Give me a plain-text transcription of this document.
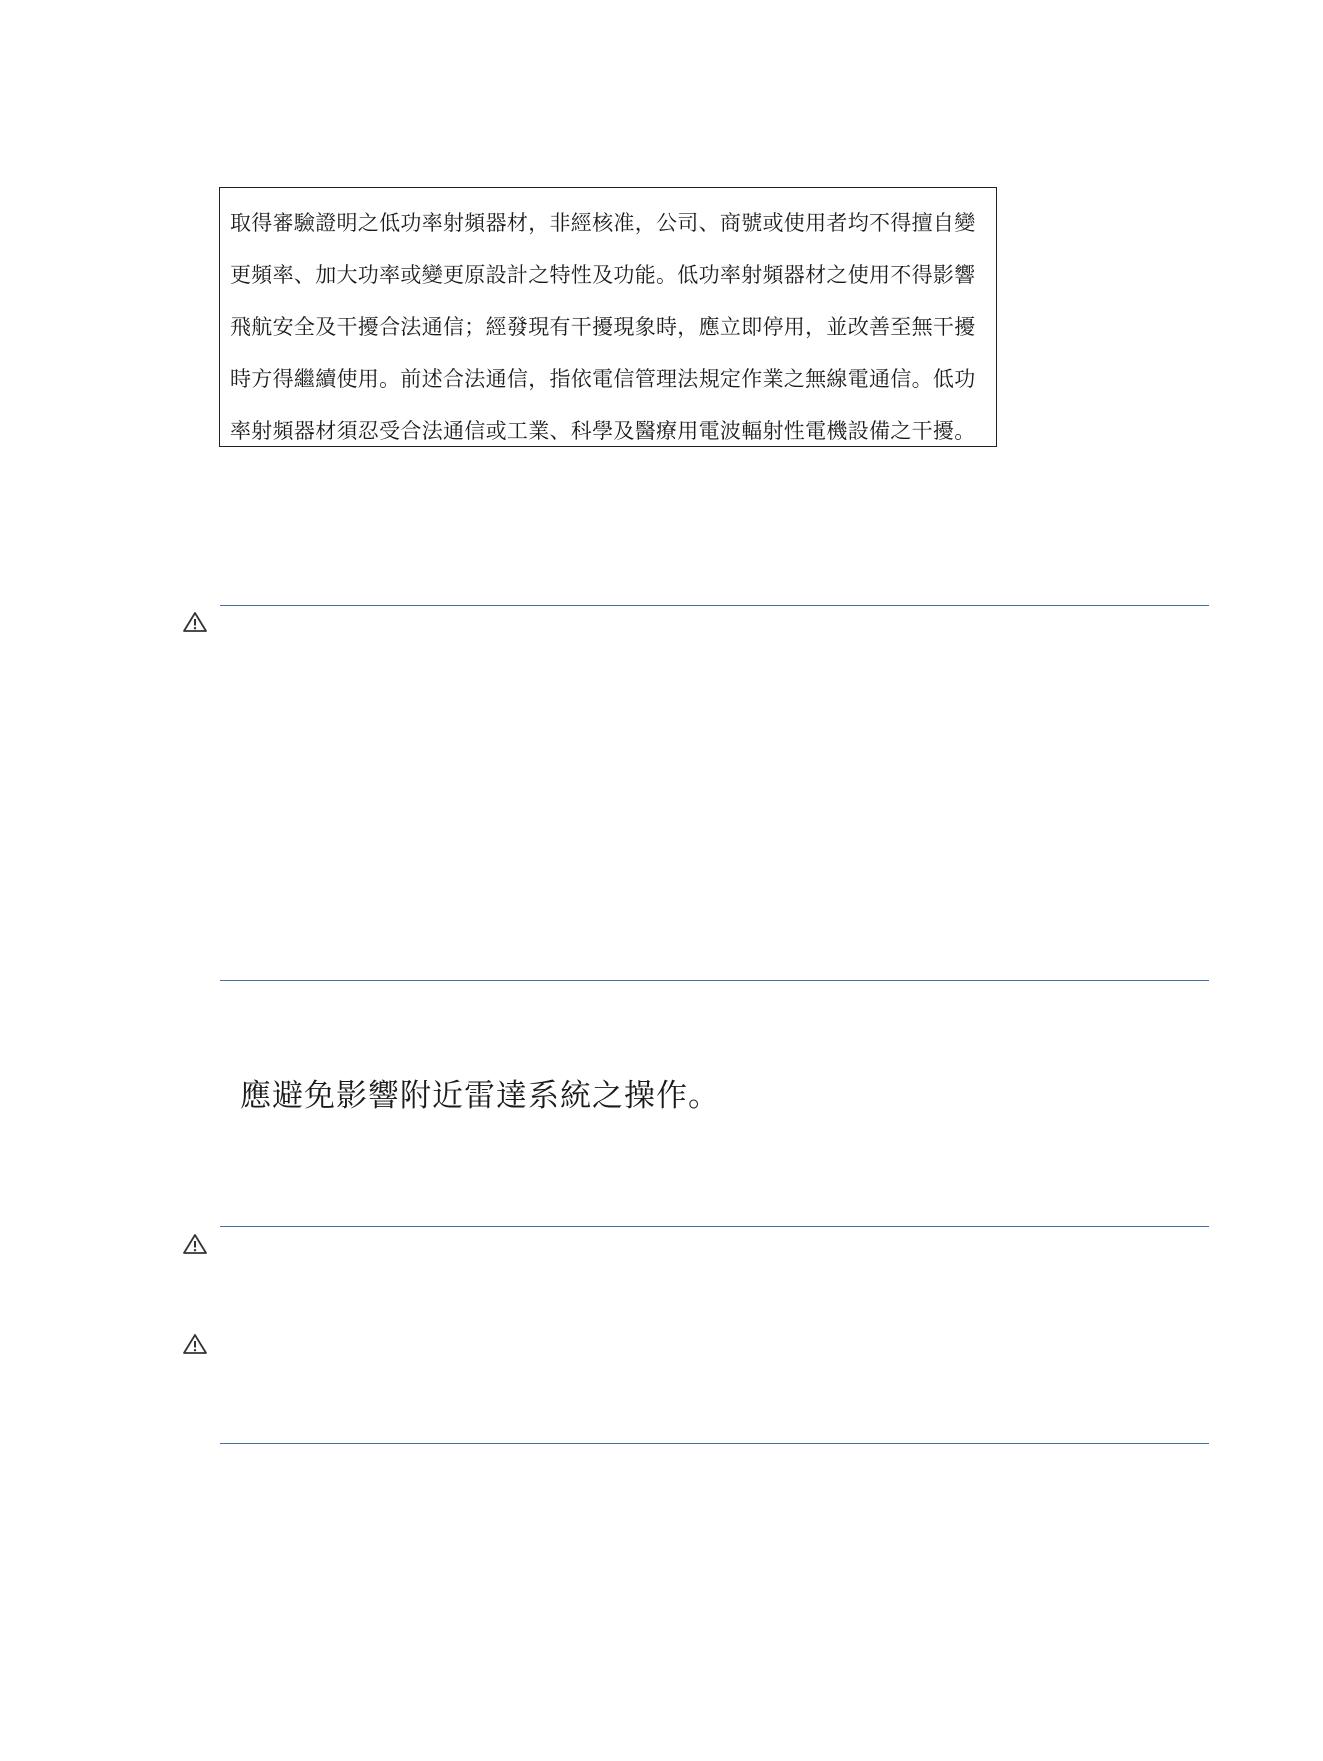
取得審驗證明之低功率射頻器材，非經核准，公司、商號或使用者均不得擅自變
更頻率、加大功率或變更原設計之特性及功能。低功率射頻器材之使用不得影響
飛航安全及干擾合法通信；經發現有干擾現象時，應立即停用，並改善至無干擾
時方得繼續使用。前述合法通信，指依電信管理法規定作業之無線電通信。低功
率射頻器材須忍受合法通信或工業、科學及醫療用電波輻射性電機設備之干擾。
應避免影響附近雷達系統之操作。
